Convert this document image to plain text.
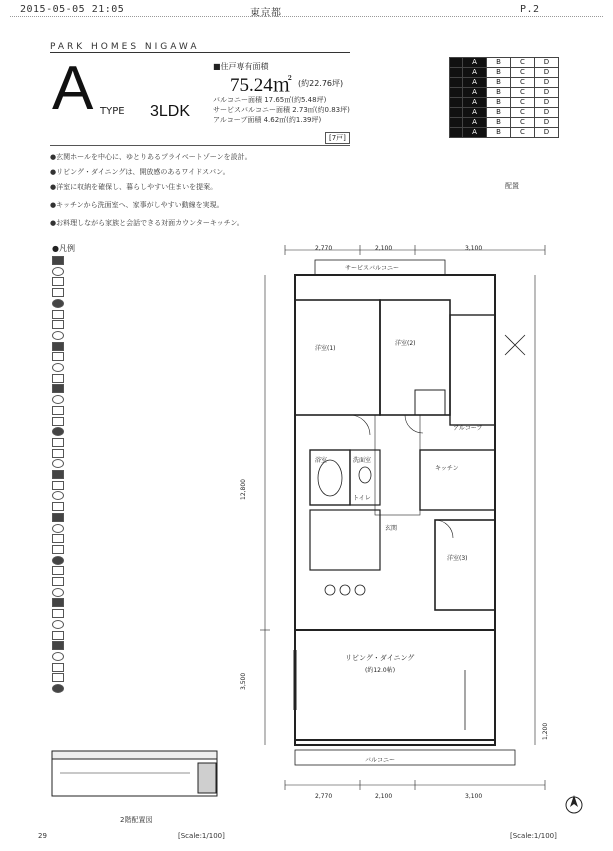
2015-05-05 21:05	東京都	P.2
PARK HOMES NIGAWA
A TYPE 3LDK
■住戸専有面積
75.24㎡ (約22.76坪)
バルコニー面積 17.65㎡(約5.48坪)
サービスバルコニー面積 2.73㎡(約0.83坪)
アルコーブ面積 4.62㎡(約1.39坪)
[7戸]
	A	B	C	D
	A	B	C	D
	A	B	C	D
	A	B	C	D
	A	B	C	D
	A	B	C	D
	A	B	C	D
	A	B	C	D
配置
●玄関ホールを中心に、ゆとりあるプライベートゾーンを設計。
●リビング・ダイニングは、開放感のあるワイドスパン。
●洋室に収納を確保し、暮らしやすい住まいを提案。
●キッチンから洗面室へ、家事がしやすい動線を実現。
●お料理しながら家族と会話できる対面カウンターキッチン。
●凡例	2,770	2,100	3,100
2,770	2,100	3,100
12,800
3,500
1,200
洋室(1)
洋室(2)
洋室(3)
リビング・ダイニング
(約12.0帖)
キッチン
浴室	洗面室
トイレ
玄関
アルコーブ
バルコニー
サービスバルコニー
2階配置図
29	[Scale:1/100]	[Scale:1/100]
